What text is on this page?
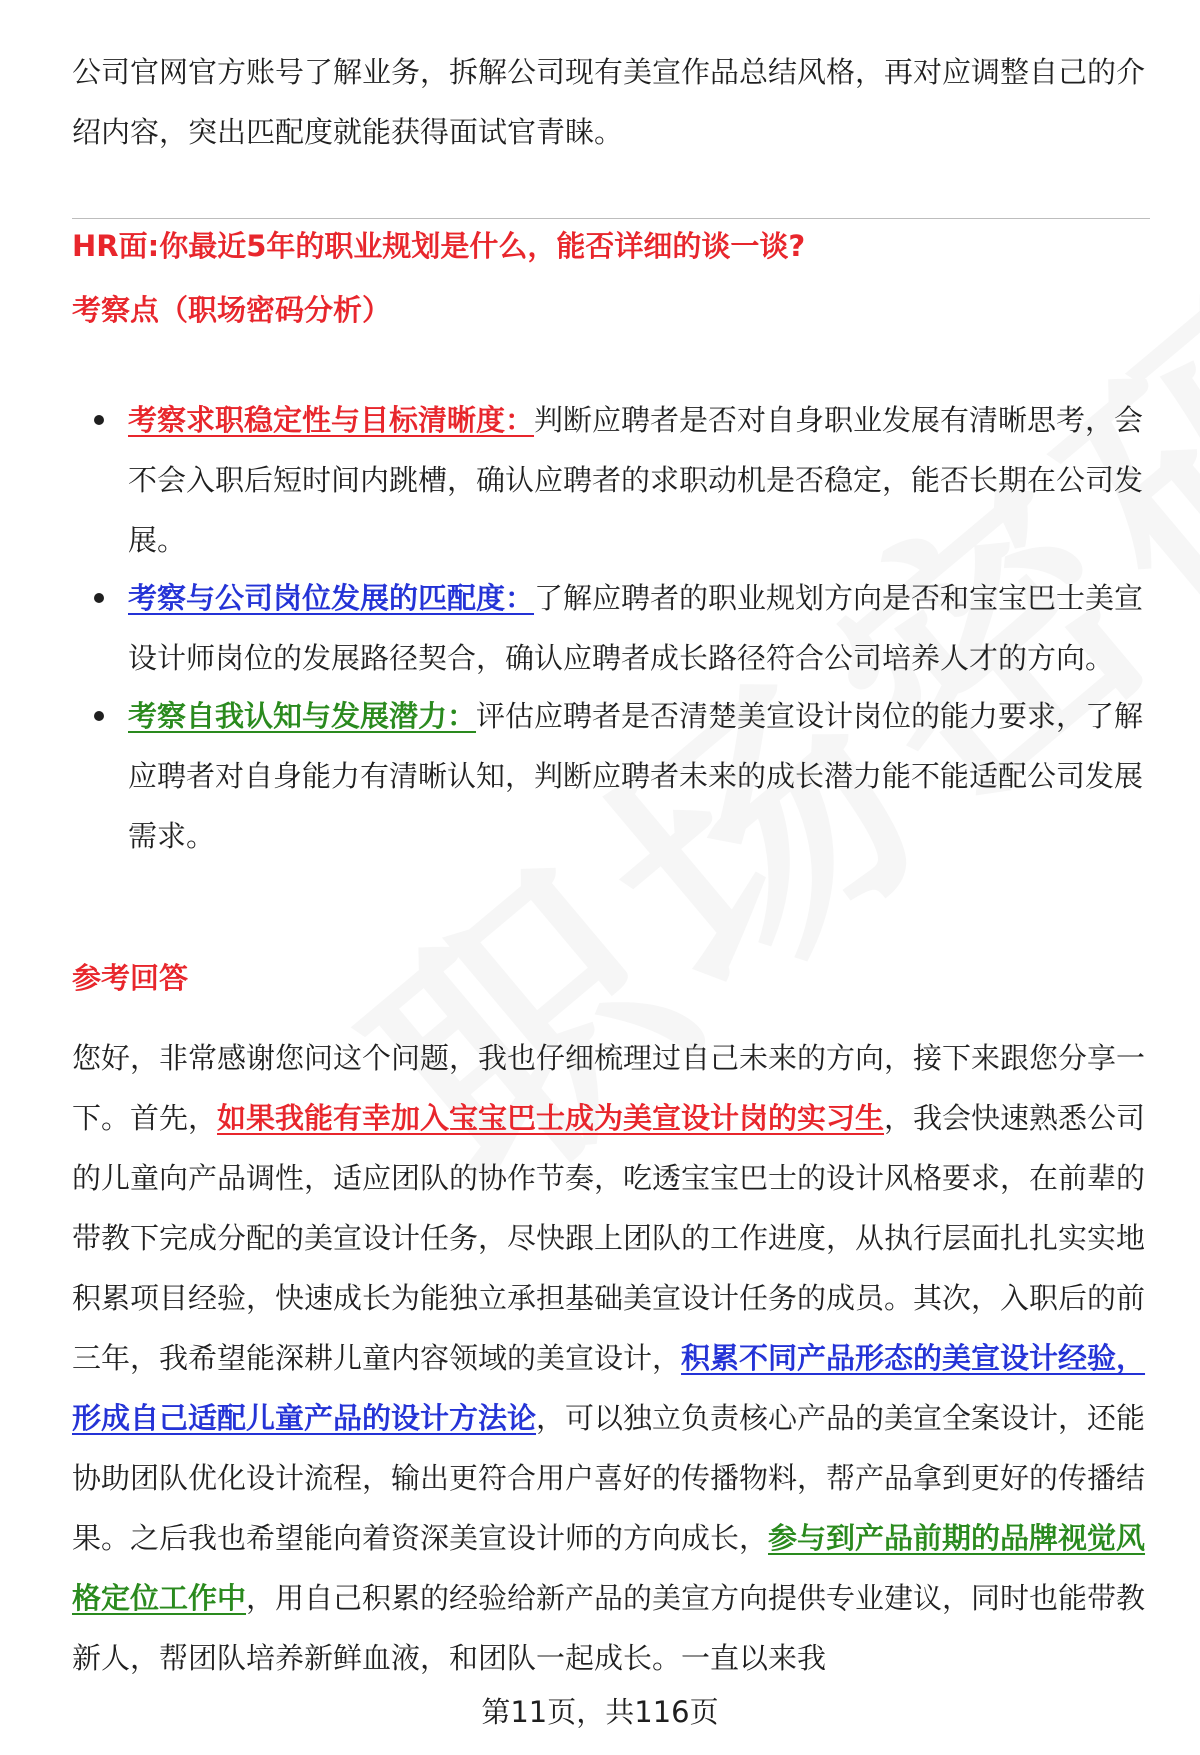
公司官网官方账号了解业务，拆解公司现有美宣作品总结风格，再对应调整自己的介绍内容，突出匹配度就能获得面试官青睐。

HR面:你最近5年的职业规划是什么，能否详细的谈一谈?
考察点（职场密码分析）
考察求职稳定性与目标清晰度：判断应聘者是否对自身职业发展有清晰思考，会不会入职后短时间内跳槽，确认应聘者的求职动机是否稳定，能否长期在公司发展。
考察与公司岗位发展的匹配度：了解应聘者的职业规划方向是否和宝宝巴士美宣设计师岗位的发展路径契合，确认应聘者成长路径符合公司培养人才的方向。
考察自我认知与发展潜力：评估应聘者是否清楚美宣设计岗位的能力要求，了解应聘者对自身能力有清晰认知，判断应聘者未来的成长潜力能不能适配公司发展需求。
参考回答

您好，非常感谢您问这个问题，我也仔细梳理过自己未来的方向，接下来跟您分享一下。首先，如果我能有幸加入宝宝巴士成为美宣设计岗的实习生，我会快速熟悉公司的儿童向产品调性，适应团队的协作节奏，吃透宝宝巴士的设计风格要求，在前辈的带教下完成分配的美宣设计任务，尽快跟上团队的工作进度，从执行层面扎扎实实地积累项目经验，快速成长为能独立承担基础美宣设计任务的成员。其次，入职后的前三年，我希望能深耕儿童内容领域的美宣设计，积累不同产品形态的美宣设计经验，形成自己适配儿童产品的设计方法论，可以独立负责核心产品的美宣全案设计，还能协助团队优化设计流程，输出更符合用户喜好的传播物料，帮产品拿到更好的传播结果。之后我也希望能向着资深美宣设计师的方向成长，参与到产品前期的品牌视觉风格定位工作中，用自己积累的经验给新产品的美宣方向提供专业建议，同时也能带教新人，帮团队培养新鲜血液，和团队一起成长。一直以来我

第11页，共116页
